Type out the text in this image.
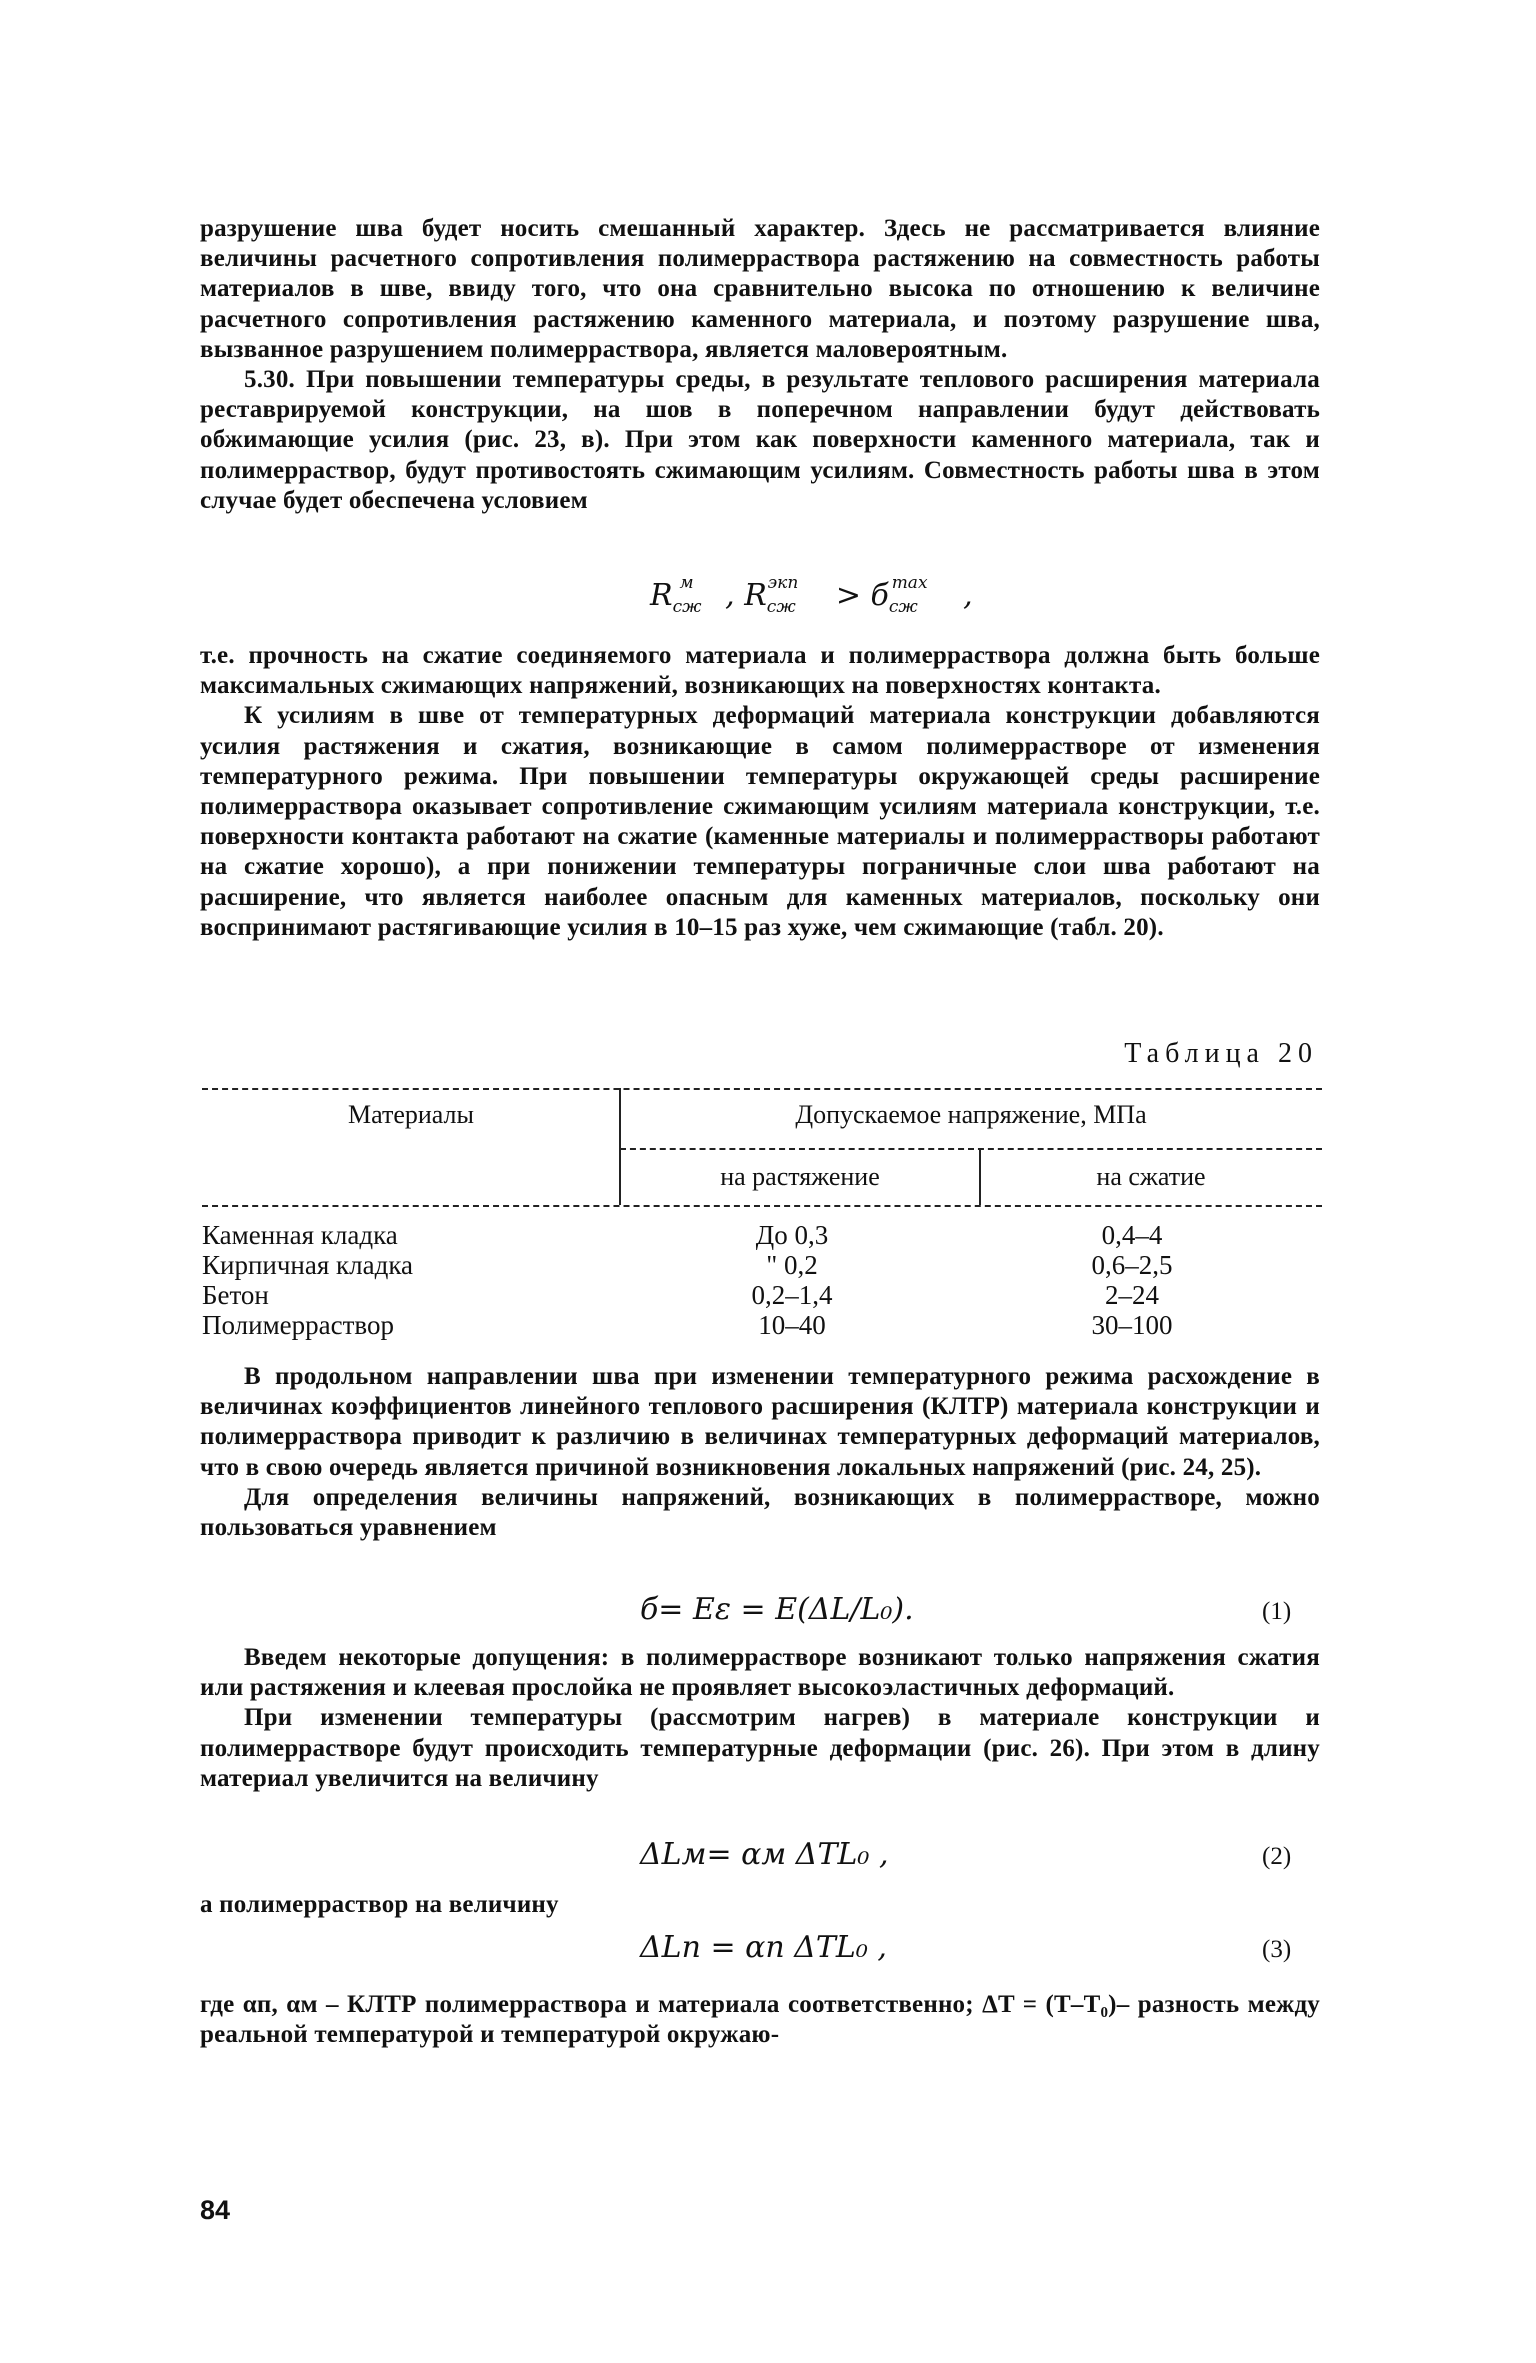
разрушение шва будет носить смешанный характер. Здесь не рассматривается влияние величины расчетного сопротивления полимерраствора растяжению на совместность работы материалов в шве, ввиду того, что она сравнительно высока по отношению к величине расчетного сопротивления растяжению каменного материала, и поэтому разрушение шва, вызванное разрушением полимерраствора, является маловероятным.

5.30. При повышении температуры среды, в результате теплового расширения материала реставрируемой конструкции, на шов в поперечном направлении будут действовать обжимающие усилия (рис. 23, в). При этом как поверхности каменного материала, так и полимерраствор, будут противостоять сжимающим усилиям. Совместность работы шва в этом случае будет обеспечена условием

$R_{сж}^м$ , $R_{сж}^{экп} > б_{сж}^{max}$ ,

т.е. прочность на сжатие соединяемого материала и полимерраствора должна быть больше максимальных сжимающих напряжений, возникающих на поверхностях контакта.

К усилиям в шве от температурных деформаций материала конструкции добавляются усилия растяжения и сжатия, возникающие в самом полимеррастворе от изменения температурного режима. При повышении температуры окружающей среды расширение полимерраствора оказывает сопротивление сжимающим усилиям материала конструкции, т.е. поверхности контакта работают на сжатие (каменные материалы и полимеррастворы работают на сжатие хорошо), а при понижении температуры пограничные слои шва работают на расширение, что является наиболее опасным для каменных материалов, поскольку они воспринимают растягивающие усилия в 10–15 раз хуже, чем сжимающие (табл. 20).

Таблица 20
Материалы	Допускаемое напряжение, МПа
на растяжение	на сжатие
Каменная кладка	До 0,3	0,4–4
Кирпичная кладка	" 0,2	0,6–2,5
Бетон	0,2–1,4	2–24
Полимерраствор	10–40	30–100

В продольном направлении шва при изменении температурного режима расхождение в величинах коэффициентов линейного теплового расширения (КЛТР) материала конструкции и полимерраствора приводит к различию в величинах температурных деформаций материалов, что в свою очередь является причиной возникновения локальных напряжений (рис. 24, 25).

Для определения величины напряжений, возникающих в полимеррастворе, можно пользоваться уравнением

б= Eε = E(ΔL/L₀).	(1)

Введем некоторые допущения: в полимеррастворе возникают только напряжения сжатия или растяжения и клеевая прослойка не проявляет высокоэластичных деформаций.

При изменении температуры (рассмотрим нагрев) в материале конструкции и полимеррастворе будут происходить температурные деформации (рис. 26). При этом в длину материал увеличится на величину

ΔLм= αм ΔTL₀ ,	(2)

а полимерраствор на величину

ΔLп = αп ΔTL₀ ,	(3)

где αп, αм – КЛТР полимерраствора и материала соответственно; ΔT = (T–T₀)– разность между реальной температурой и температурой окружаю-

84
